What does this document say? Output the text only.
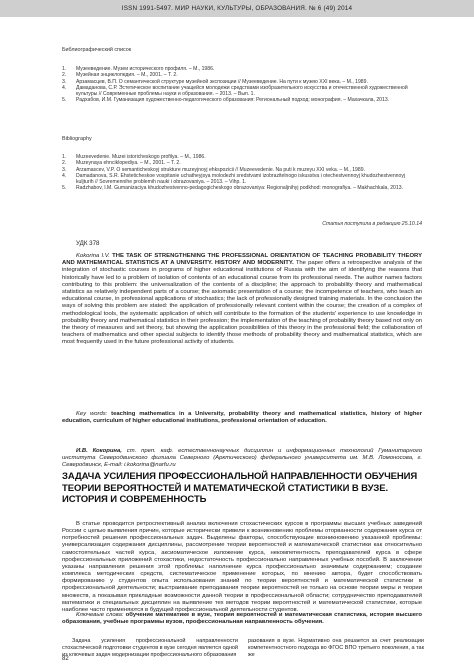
ISSN 1991-5497. МИР НАУКИ, КУЛЬТУРЫ, ОБРАЗОВАНИЯ. № 6 (49) 2014
Библиографический список
1.	Музееведение. Музеи исторического профиля. – М., 1986.
2.	Музейная энциклопедия. – М., 2001. – Т. 2.
3.	Арзамасцев, В.П. О семантической структуре музейной экспозиции // Музееведение. На пути к музею XXI века. – М., 1989.
4.	Дамаданова, С.Р. Эстетическое воспитание учащейся молодежи средствами изобразительного искусства и отечественной художественной культуры // Современные проблемы науки и образования. – 2013. – Вып. 1.
5.	Радхабов, И.М. Гуманизация художественно-педагогического образования: Региональный подход: монография. – Махачкала, 2013.
Bibliography
1.	Muzeevedenie. Muzei istoricheskogo profilya. – M., 1986.
2.	Muzeynaya ehnciklopediya. – M., 2001. – T. 2.
3.	Arzamascev, V.P. O semanticheskoyj strukture muzeyjnoyj ehkspozicii // Muzeevedenie. Na puti k muzeyu XXI veka. – M., 1989.
4.	Damadanova, S.R. Ehsteticheskoe vospitanie uchatheyjsya molodezhi sredstvami izobrazitelnogo iskusstva i otechestvennoyj khudozhestvennoyj kuljturih // Sovremennihe problemih nauki i obrazovaniya. – 2013. – Vihp. 1.
5.	Radzhabov, I.M. Gumanizaciya khudozhestvenno-pedagogicheskogo obrazovaniya: Regionaljnihyj podkhod: monografiya. – Makhachkala, 2013.
Статья поступила в редакцию 25.10.14
УДК 378
Kokorina I.V. THE TASK OF STRENGTHENING THE PROFESSIONAL ORIENTATION OF TEACHING PROBABILITY THEORY AND MATHEMATICAL STATISTICS AT A UNIVERSITY. HISTORY AND MODERNITY. The paper offers a retrospective analysis of the integration of stochastic courses in programs of higher educational institutions of Russia with the aim of identifying the reasons that historically have led to a problem of isolation of contents of an educational course from its professional needs. The author names factors contributing to this problem: the universalization of the contents of a discipline; the approach to probability theory and mathematical statistics as relatively independent parts of a course; the axiomatic presentation of a course; the incompetence of teachers, who teach an educational course, in professional applications of stochastics; the lack of professionally designed training materials. In the conclusion the ways of solving this problem are stated: the application of professionally relevant content within the course; the creation of a complex of methodological tools, the systematic application of which will contribute to the formation of the students' experience to use knowledge in probability theory and mathematical statistics in their profession; the implementation of the teaching of probability theory based not only on the theory of measures and set theory, but showing the application possibilities of this theory in the professional field; the collaboration of teachers of mathematics and other special subjects to identify those methods of probability theory and mathematical statistics, which are most frequently used in the future professional activity of students.
Key words: teaching mathematics in a University, probability theory and mathematical statistics, history of higher education, curriculum of higher educational institutions, professional orientation of education.
И.В. Кокорина, ст. преп. каф. естественнонаучных дисциплин и информационных технологий Гуманитарного института Северодвинского филиала Северного (Арктического) федерального университета им. М.В. Ломоносова, г. Северодвинск, E-mail: i.kokorina@narfu.ru
ЗАДАЧА УСИЛЕНИЯ ПРОФЕССИОНАЛЬНОЙ НАПРАВЛЕННОСТИ ОБУЧЕНИЯ ТЕОРИИ ВЕРОЯТНОСТЕЙ И МАТЕМАТИЧЕСКОЙ СТАТИСТИКИ В ВУЗЕ. ИСТОРИЯ И СОВРЕМЕННОСТЬ
В статье проводится ретроспективный анализ включения стохастических курсов в программы высших учебных заведений России с целью выявления причин, которые исторически привели к возникновению проблемы оторванности содержания курса от потребностей решения профессиональных задач. Выделены факторы, способствующие возникновению указанной проблемы: универсализация содержания дисциплины, рассмотрение теории вероятностей и математической статистики как относительно самостоятельных частей курса, аксиоматическое изложение курса, некомпетентность преподавателей курса в сфере профессиональных приложений стохастики, недостаточность профессионально направленных учебных пособий. В заключении указаны направления решения этой проблемы: наполнение курса профессионально значимым содержанием; создание комплекса методических средств, систематическое применение которых, по мнению автора, будет способствовать формированию у студентов опыта использования знаний по теории вероятностей и математической статистики в профессиональной деятельности; выстраивание преподавания теории вероятностей не только на основе теории меры и теории множеств, а показывая прикладные возможности данной теории в профессиональной области; сотрудничество преподавателей математики и специальных дисциплин на выявление тех методов теории вероятностей и математической статистики, которые наиболее часто применяются в будущей профессиональной деятельности студентов.
Ключевые слова: обучение математике в вузе, теория вероятностей и математическая статистика, история высшего образования, учебные программы вузов, профессиональная направленность обучения.
Задача усиления профессиональной направленности стохастической подготовки студентов в вузе сегодня является одной из ключевых задач модернизации профессионального образования
разования в вузе. Нормативно она решается за счет реализации компетентностного подхода во ФГОС ВПО третьего поколения, а так же
82
